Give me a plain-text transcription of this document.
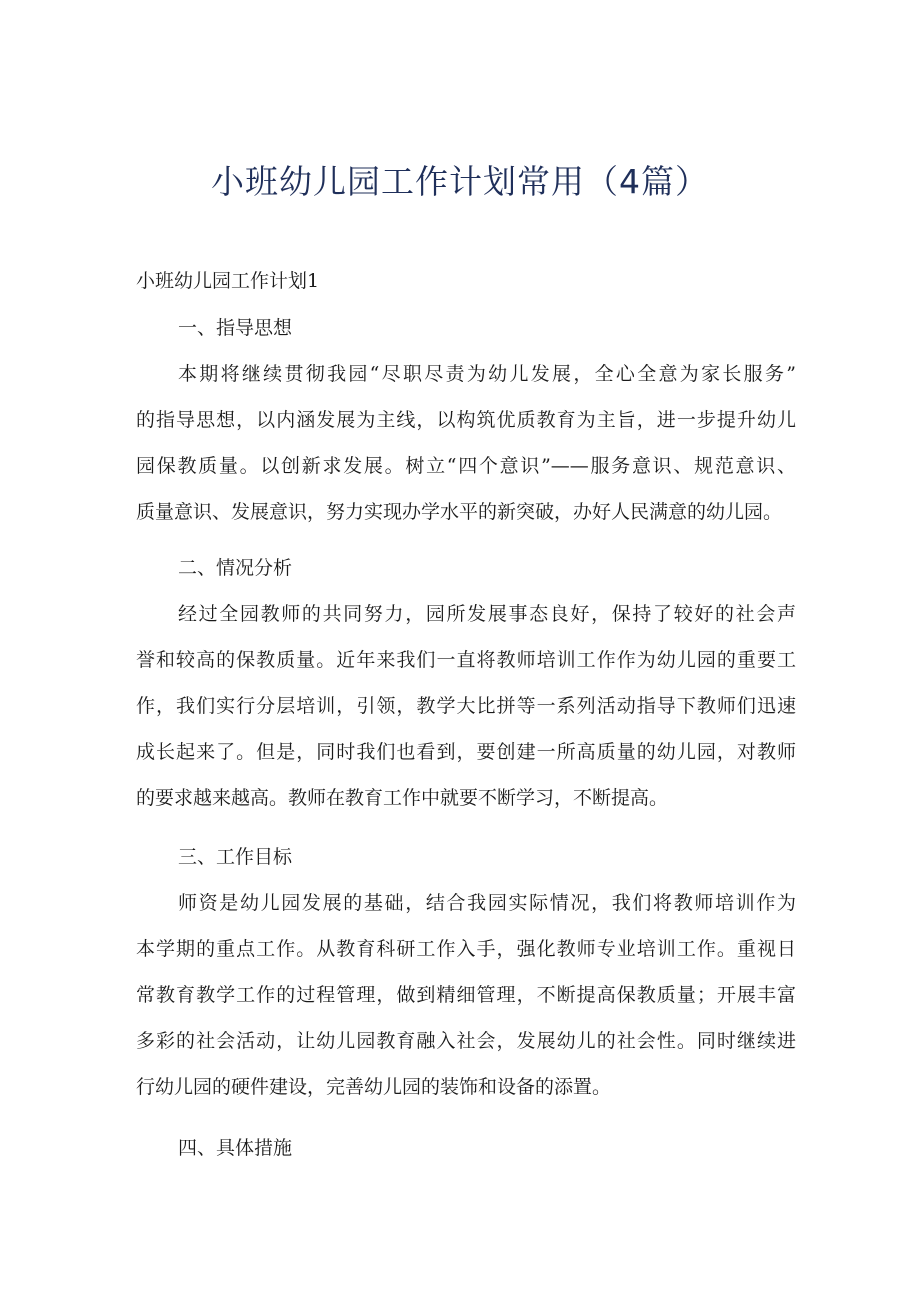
小班幼儿园工作计划常用（4篇）

小班幼儿园工作计划1

一、指导思想

本期将继续贯彻我园“尽职尽责为幼儿发展，全心全意为家长服务”
的指导思想，以内涵发展为主线，以构筑优质教育为主旨，进一步提升幼儿
园保教质量。以创新求发展。树立“四个意识”——服务意识、规范意识、
质量意识、发展意识，努力实现办学水平的新突破，办好人民满意的幼儿园。

二、情况分析

经过全园教师的共同努力，园所发展事态良好，保持了较好的社会声
誉和较高的保教质量。近年来我们一直将教师培训工作作为幼儿园的重要工
作，我们实行分层培训，引领，教学大比拼等一系列活动指导下教师们迅速
成长起来了。但是，同时我们也看到，要创建一所高质量的幼儿园，对教师
的要求越来越高。教师在教育工作中就要不断学习，不断提高。

三、工作目标

师资是幼儿园发展的基础，结合我园实际情况，我们将教师培训作为
本学期的重点工作。从教育科研工作入手，强化教师专业培训工作。重视日
常教育教学工作的过程管理，做到精细管理，不断提高保教质量；开展丰富
多彩的社会活动，让幼儿园教育融入社会，发展幼儿的社会性。同时继续进
行幼儿园的硬件建设，完善幼儿园的装饰和设备的添置。

四、具体措施
